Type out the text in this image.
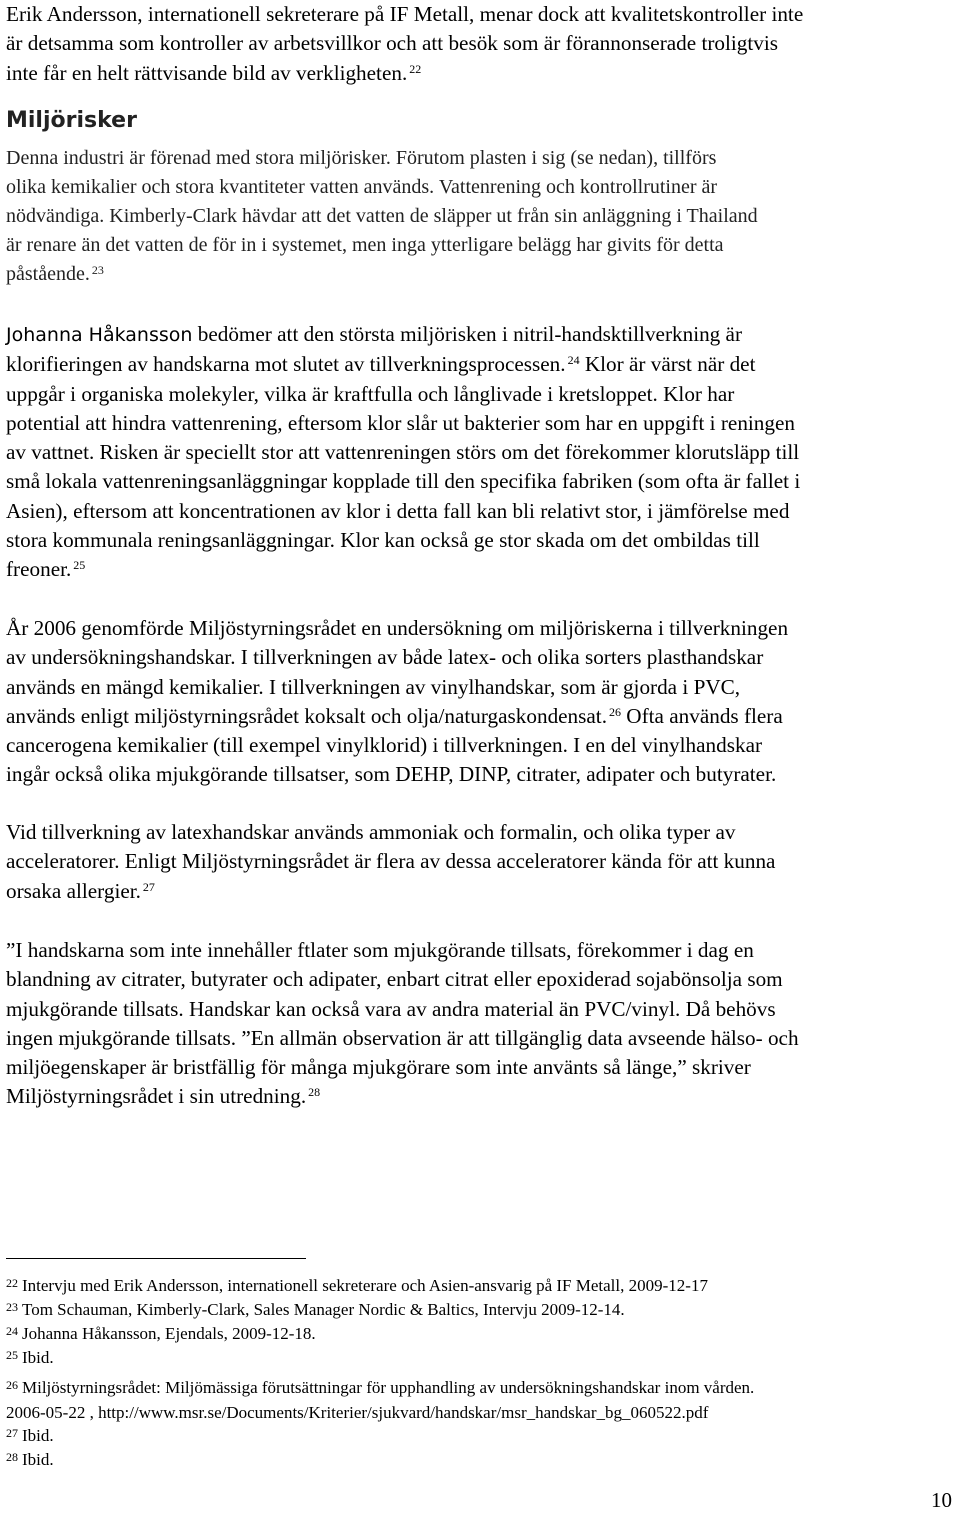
Erik Andersson, internationell sekreterare på IF Metall, menar dock att kvalitetskontroller inte
är detsamma som kontroller av arbetsvillkor och att besök som är förannonserade troligtvis
inte får en helt rättvisande bild av verkligheten. $^{22}$

Miljörisker

Denna industri är förenad med stora miljörisker. Förutom plasten i sig (se nedan), tillförs
olika kemikalier och stora kvantiteter vatten används. Vattenrening och kontrollrutiner är
nödvändiga. Kimberly-Clark hävdar att det vatten de släpper ut från sin anläggning i Thailand
är renare än det vatten de för in i systemet, men inga ytterligare belägg har givits för detta
påstående. $^{23}$

Johanna Håkansson bedömer att den största miljörisken i nitril-handsktillverkning är
klorifieringen av handskarna mot slutet av tillverkningsprocessen. $^{24}$ Klor är värst när det
uppgår i organiska molekyler, vilka är kraftfulla och långlivade i kretsloppet. Klor har
potential att hindra vattenrening, eftersom klor slår ut bakterier som har en uppgift i reningen
av vattnet. Risken är speciellt stor att vattenreningen störs om det förekommer klorutsläpp till
små lokala vattenreningsanläggningar kopplade till den specifika fabriken (som ofta är fallet i
Asien), eftersom att koncentrationen av klor i detta fall kan bli relativt stor, i jämförelse med
stora kommunala reningsanläggningar. Klor kan också ge stor skada om det ombildas till
freoner. $^{25}$

År 2006 genomförde Miljöstyrningsrådet en undersökning om miljöriskerna i tillverkningen
av undersökningshandskar. I tillverkningen av både latex- och olika sorters plasthandskar
används en mängd kemikalier. I tillverkningen av vinylhandskar, som är gjorda i PVC,
används enligt miljöstyrningsrådet koksalt och olja/naturgaskondensat. $^{26}$ Ofta används flera
cancerogena kemikalier (till exempel vinylklorid) i tillverkningen. I en del vinylhandskar
ingår också olika mjukgörande tillsatser, som DEHP, DINP, citrater, adipater och butyrater.

Vid tillverkning av latexhandskar används ammoniak och formalin, och olika typer av
acceleratorer. Enligt Miljöstyrningsrådet är flera av dessa acceleratorer kända för att kunna
orsaka allergier. $^{27}$

”I handskarna som inte innehåller ftlater som mjukgörande tillsats, förekommer i dag en
blandning av citrater, butyrater och adipater, enbart citrat eller epoxiderad sojabönsolja som
mjukgörande tillsats. Handskar kan också vara av andra material än PVC/vinyl. Då behövs
ingen mjukgörande tillsats. ”En allmän observation är att tillgänglig data avseende hälso- och
miljöegenskaper är bristfällig för många mjukgörare som inte använts så länge,” skriver
Miljöstyrningsrådet i sin utredning. $^{28}$

$^{22}$ Intervju med Erik Andersson, internationell sekreterare och Asien-ansvarig på IF Metall, 2009-12-17
$^{23}$ Tom Schauman, Kimberly-Clark, Sales Manager Nordic & Baltics, Intervju 2009-12-14.
$^{24}$ Johanna Håkansson, Ejendals, 2009-12-18.
$^{25}$ Ibid.
$^{26}$ Miljöstyrningsrådet: Miljömässiga förutsättningar för upphandling av undersökningshandskar inom vården.
2006-05-22 , http://www.msr.se/Documents/Kriterier/sjukvard/handskar/msr_handskar_bg_060522.pdf
$^{27}$ Ibid.
$^{28}$ Ibid.
10
